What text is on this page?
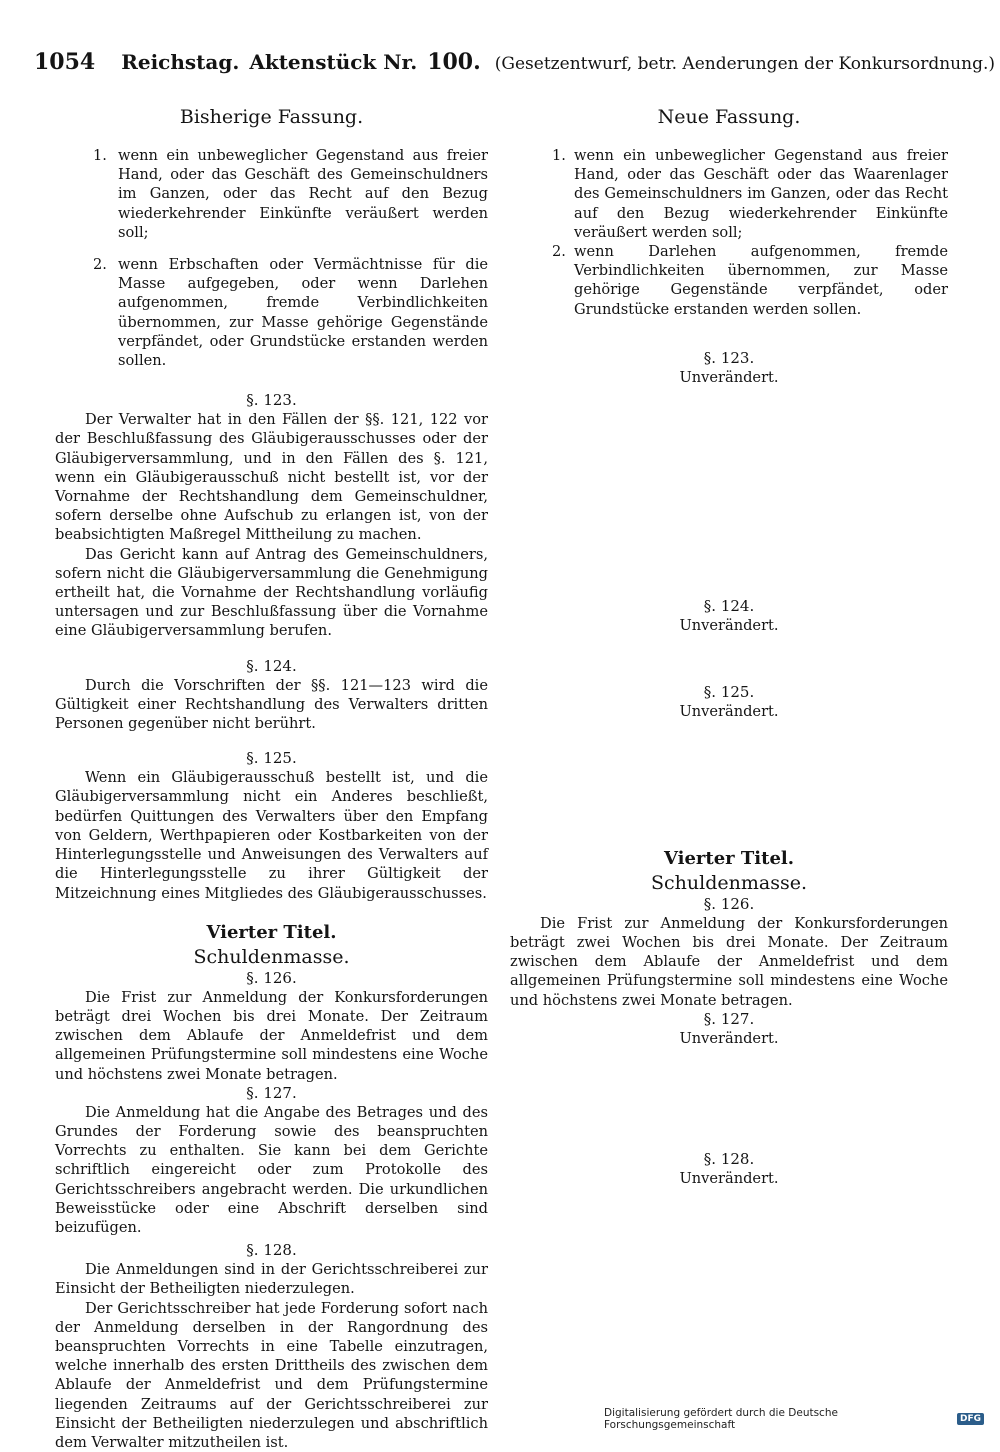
1054 Reichstag. Aktenstück Nr. 100. (Gesetzentwurf, betr. Aenderungen der Konkursordnung.)
Bisherige Fassung.
1. wenn ein unbeweglicher Gegenstand aus freier Hand, oder das Geschäft des Gemeinschuldners im Ganzen, oder das Recht auf den Bezug wiederkehrender Einkünfte veräußert werden soll;
2. wenn Erbschaften oder Vermächtnisse für die Masse aufgegeben, oder wenn Darlehen aufgenommen, fremde Verbindlichkeiten übernommen, zur Masse gehörige Gegenstände verpfändet, oder Grundstücke erstanden werden sollen.
§. 123.
Der Verwalter hat in den Fällen der §§. 121, 122 vor der Beschlußfassung des Gläubigerausschusses oder der Gläubigerversammlung, und in den Fällen des §. 121, wenn ein Gläubigerausschuß nicht bestellt ist, vor der Vornahme der Rechtshandlung dem Gemeinschuldner, sofern derselbe ohne Aufschub zu erlangen ist, von der beabsichtigten Maßregel Mittheilung zu machen.
Das Gericht kann auf Antrag des Gemeinschuldners, sofern nicht die Gläubigerversammlung die Genehmigung ertheilt hat, die Vornahme der Rechtshandlung vorläufig untersagen und zur Beschlußfassung über die Vornahme eine Gläubigerversammlung berufen.
§. 124.
Durch die Vorschriften der §§. 121—123 wird die Gültigkeit einer Rechtshandlung des Verwalters dritten Personen gegenüber nicht berührt.
§. 125.
Wenn ein Gläubigerausschuß bestellt ist, und die Gläubigerversammlung nicht ein Anderes beschließt, bedürfen Quittungen des Verwalters über den Empfang von Geldern, Werthpapieren oder Kostbarkeiten von der Hinterlegungsstelle und Anweisungen des Verwalters auf die Hinterlegungsstelle zu ihrer Gültigkeit der Mitzeichnung eines Mitgliedes des Gläubigerausschusses.
Vierter Titel.
Schuldenmasse.
§. 126.
Die Frist zur Anmeldung der Konkursforderungen beträgt drei Wochen bis drei Monate. Der Zeitraum zwischen dem Ablaufe der Anmeldefrist und dem allgemeinen Prüfungstermine soll mindestens eine Woche und höchstens zwei Monate betragen.
§. 127.
Die Anmeldung hat die Angabe des Betrages und des Grundes der Forderung sowie des beanspruchten Vorrechts zu enthalten. Sie kann bei dem Gerichte schriftlich eingereicht oder zum Protokolle des Gerichtsschreibers angebracht werden. Die urkundlichen Beweisstücke oder eine Abschrift derselben sind beizufügen.
§. 128.
Die Anmeldungen sind in der Gerichtsschreiberei zur Einsicht der Betheiligten niederzulegen.
Der Gerichtsschreiber hat jede Forderung sofort nach der Anmeldung derselben in der Rangordnung des beanspruchten Vorrechts in eine Tabelle einzutragen, welche innerhalb des ersten Drittheils des zwischen dem Ablaufe der Anmeldefrist und dem Prüfungstermine liegenden Zeitraums auf der Gerichtsschreiberei zur Einsicht der Betheiligten niederzulegen und abschriftlich dem Verwalter mitzutheilen ist.
Neue Fassung.
1. wenn ein unbeweglicher Gegenstand aus freier Hand, oder das Geschäft oder das Waarenlager des Gemeinschuldners im Ganzen, oder das Recht auf den Bezug wiederkehrender Einkünfte veräußert werden soll;
2. wenn Darlehen aufgenommen, fremde Verbindlichkeiten übernommen, zur Masse gehörige Gegenstände verpfändet, oder Grundstücke erstanden werden sollen.
§. 123.
Unverändert.
§. 124.
Unverändert.
§. 125.
Unverändert.
Vierter Titel.
Schuldenmasse.
§. 126.
Die Frist zur Anmeldung der Konkursforderungen beträgt zwei Wochen bis drei Monate. Der Zeitraum zwischen dem Ablaufe der Anmeldefrist und dem allgemeinen Prüfungstermine soll mindestens eine Woche und höchstens zwei Monate betragen.
§. 127.
Unverändert.
§. 128.
Unverändert.
Digitalisierung gefördert durch die Deutsche Forschungsgemeinschaft	DFG
